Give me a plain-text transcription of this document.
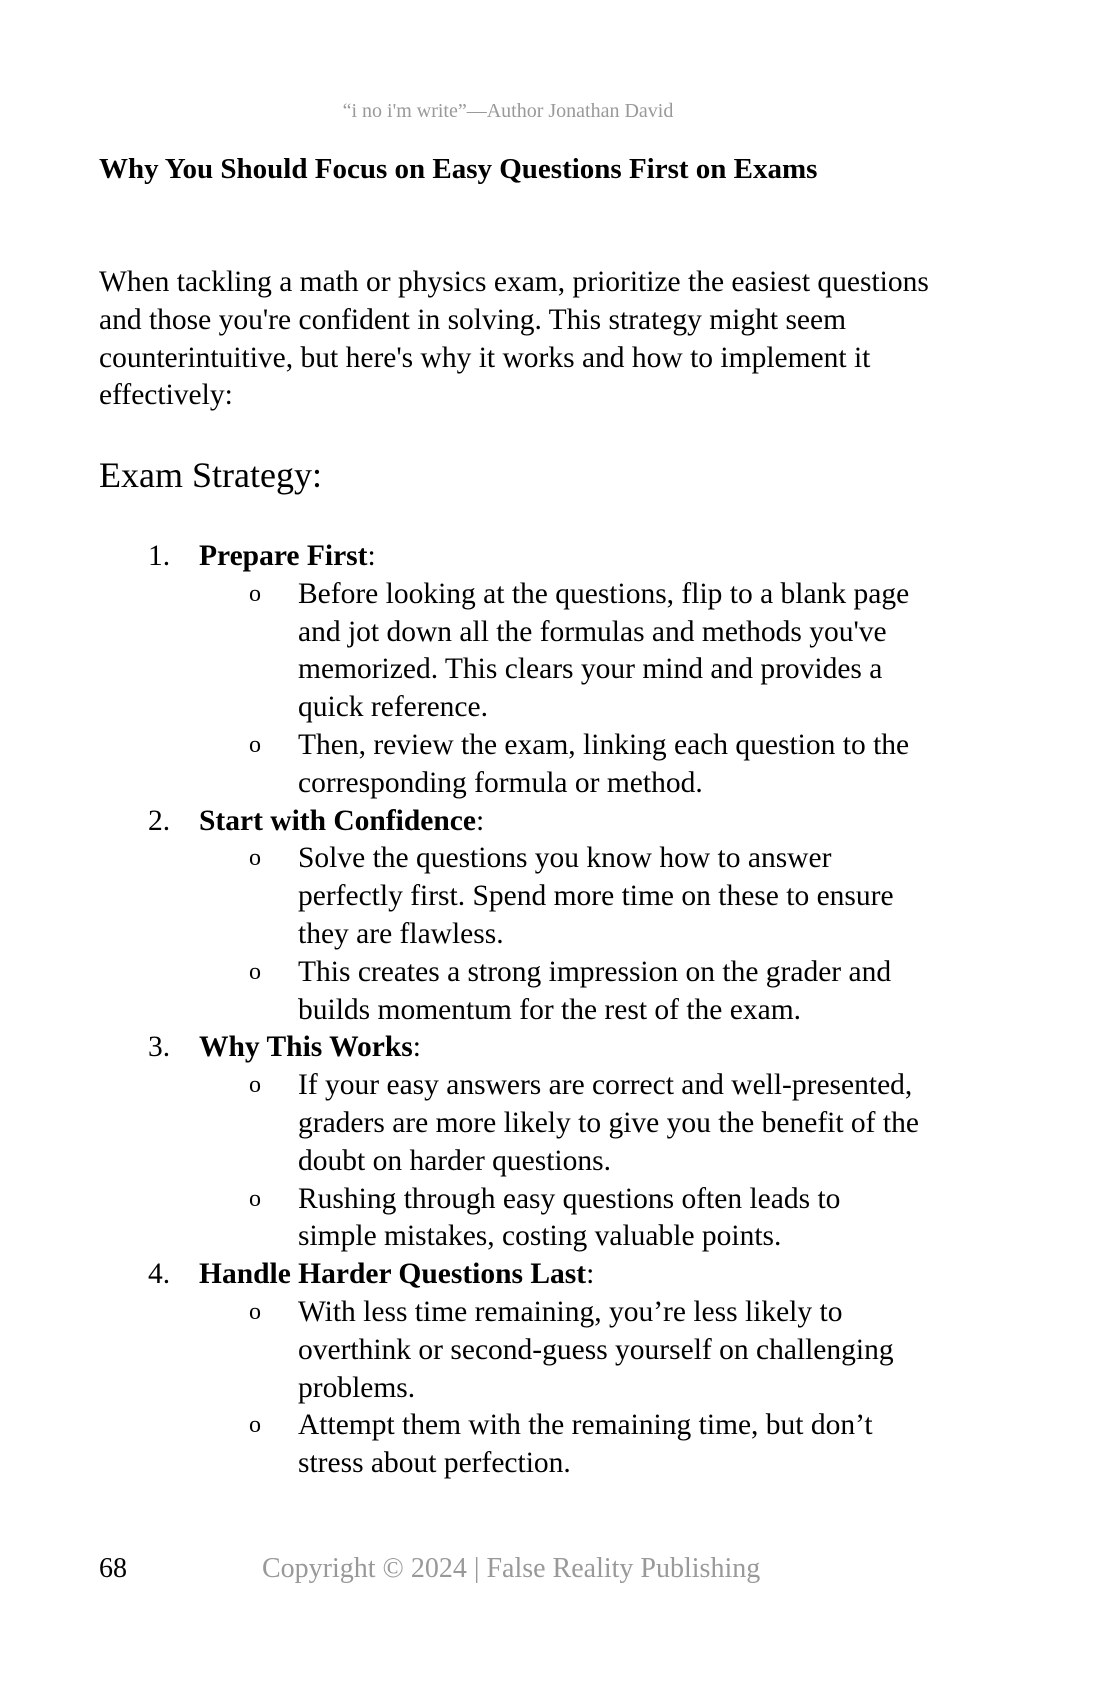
“i no i'm write”—Author Jonathan David
Why You Should Focus on Easy Questions First on Exams

When tackling a math or physics exam, prioritize the easiest questions and those you're confident in solving. This strategy might seem counterintuitive, but here's why it works and how to implement it effectively:

Exam Strategy:
1. Prepare First:
o Before looking at the questions, flip to a blank page and jot down all the formulas and methods you've memorized. This clears your mind and provides a quick reference.
o Then, review the exam, linking each question to the corresponding formula or method.
2. Start with Confidence:
o Solve the questions you know how to answer perfectly first. Spend more time on these to ensure they are flawless.
o This creates a strong impression on the grader and builds momentum for the rest of the exam.
3. Why This Works:
o If your easy answers are correct and well-presented, graders are more likely to give you the benefit of the doubt on harder questions.
o Rushing through easy questions often leads to simple mistakes, costing valuable points.
4. Handle Harder Questions Last:
o With less time remaining, you’re less likely to overthink or second-guess yourself on challenging problems.
o Attempt them with the remaining time, but don’t stress about perfection.
68	Copyright © 2024 | False Reality Publishing
